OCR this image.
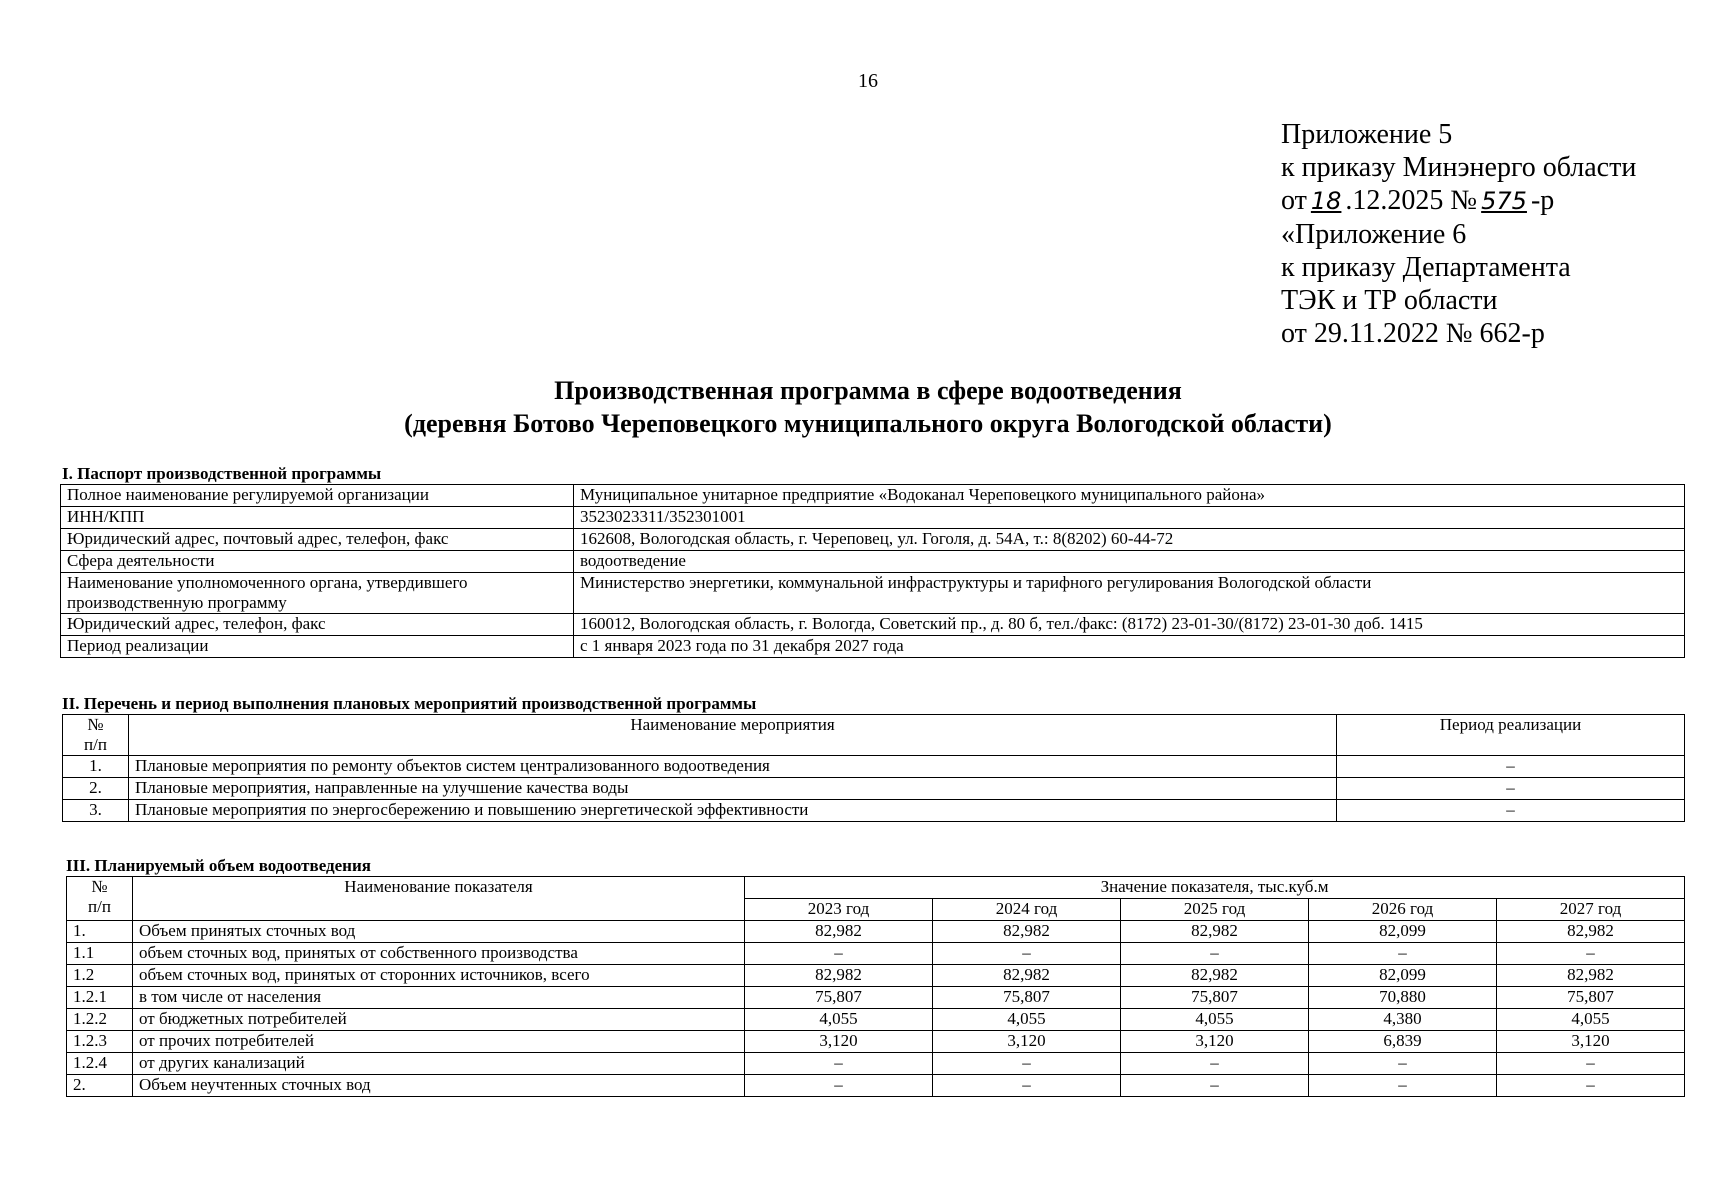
16
Приложение 5
к приказу Минэнерго области
от 18 .12.2025 № 575 -р
«Приложение 6
к приказу Департамента
ТЭК и ТР области
от 29.11.2022 № 662-р
Производственная программа в сфере водоотведения
(деревня Ботово Череповецкого муниципального округа Вологодской области)
I. Паспорт производственной программы
Полное наименование регулируемой организации	Муниципальное унитарное предприятие «Водоканал Череповецкого муниципального района»
ИНН/КПП	3523023311/352301001
Юридический адрес, почтовый адрес, телефон, факс	162608, Вологодская область, г. Череповец, ул. Гоголя, д. 54А, т.: 8(8202) 60-44-72
Сфера деятельности	водоотведение
Наименование уполномоченного органа, утвердившего производственную программу	Министерство энергетики, коммунальной инфраструктуры и тарифного регулирования Вологодской области
Юридический адрес, телефон, факс	160012, Вологодская область, г. Вологда, Советский пр., д. 80 б, тел./факс: (8172) 23-01-30/(8172) 23-01-30 доб. 1415
Период реализации	с 1 января 2023 года по 31 декабря 2027 года
II. Перечень и период выполнения плановых мероприятий производственной программы
№
п/п	Наименование мероприятия	Период реализации
1.	Плановые мероприятия по ремонту объектов систем централизованного водоотведения	–
2.	Плановые мероприятия, направленные на улучшение качества воды	–
3.	Плановые мероприятия по энергосбережению и повышению энергетической эффективности	–
III. Планируемый объем водоотведения
№
п/п	Наименование показателя	Значение показателя, тыс.куб.м				
		2023 год	2024 год	2025 год	2026 год	2027 год
1.	Объем принятых сточных вод	82,982	82,982	82,982	82,099	82,982
1.1	объем сточных вод, принятых от собственного производства	–	–	–	–	–
1.2	объем сточных вод, принятых от сторонних источников, всего	82,982	82,982	82,982	82,099	82,982
1.2.1	в том числе от населения	75,807	75,807	75,807	70,880	75,807
1.2.2	от бюджетных потребителей	4,055	4,055	4,055	4,380	4,055
1.2.3	от прочих потребителей	3,120	3,120	3,120	6,839	3,120
1.2.4	от других канализаций	–	–	–	–	–
2.	Объем неучтенных сточных вод	–	–	–	–	–
